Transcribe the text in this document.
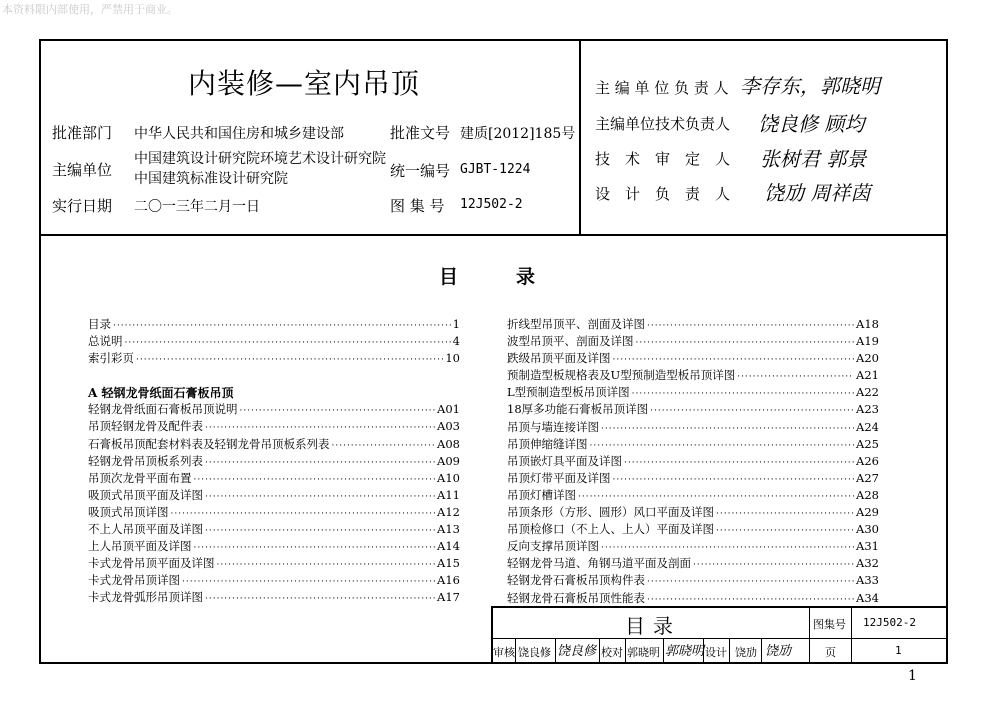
本资料限内部使用，严禁用于商业。
内装修—室内吊顶
批准部门 中华人民共和国住房和城乡建设部
主编单位
中国建筑设计研究院环境艺术设计研究院
中国建筑标准设计研究院
实行日期 二〇一三年二月一日
批准文号 建质[2012]185号
统一编号 GJBT-1224
图 集 号 12J502-2
主 编 单 位 负 责 人 李存东，郭晓明
主编单位技术负责人 饶良修 顾均
技　术　审　定　人 张树君 郭景
设　计　负　责　人 饶劢 周祥茵
目	录
目录 ·····	1
总说明 ·····	4
索引彩页 ·····	10
A 轻钢龙骨纸面石膏板吊顶
轻钢龙骨纸面石膏板吊顶说明 ·····	A01
吊顶轻钢龙骨及配件表 ·····	A03
石膏板吊顶配套材料表及轻钢龙骨吊顶板系列表 ·····	A08
轻钢龙骨吊顶板系列表 ·····	A09
吊顶次龙骨平面布置 ·····	A10
吸顶式吊顶平面及详图 ·····	A11
吸顶式吊顶详图 ·····	A12
不上人吊顶平面及详图 ·····	A13
上人吊顶平面及详图 ·····	A14
卡式龙骨吊顶平面及详图 ·····	A15
卡式龙骨吊顶详图 ·····	A16
卡式龙骨弧形吊顶详图 ·····	A17
折线型吊顶平、剖面及详图 ·····	A18
波型吊顶平、剖面及详图 ·····	A19
跌级吊顶平面及详图 ·····	A20
预制造型板规格表及U型预制造型板吊顶详图 ·····	A21
L型预制造型板吊顶详图 ·····	A22
18厚多功能石膏板吊顶详图 ·····	A23
吊顶与墙连接详图 ·····	A24
吊顶伸缩缝详图 ·····	A25
吊顶嵌灯具平面及详图 ·····	A26
吊顶灯带平面及详图 ·····	A27
吊顶灯槽详图 ·····	A28
吊顶条形（方形、圆形）风口平面及详图 ·····	A29
吊顶检修口（不上人、上人）平面及详图 ·····	A30
反向支撑吊顶详图 ·····	A31
轻钢龙骨马道、角钢马道平面及剖面 ·····	A32
轻钢龙骨石膏板吊顶构件表 ·····	A33
轻钢龙骨石膏板吊顶性能表 ·····	A34
目录	图集号 12J502-2
审核 饶良修 饶良修 校对 郭晓明 郭晓明 设计 饶劢 饶劢	页	1
1
